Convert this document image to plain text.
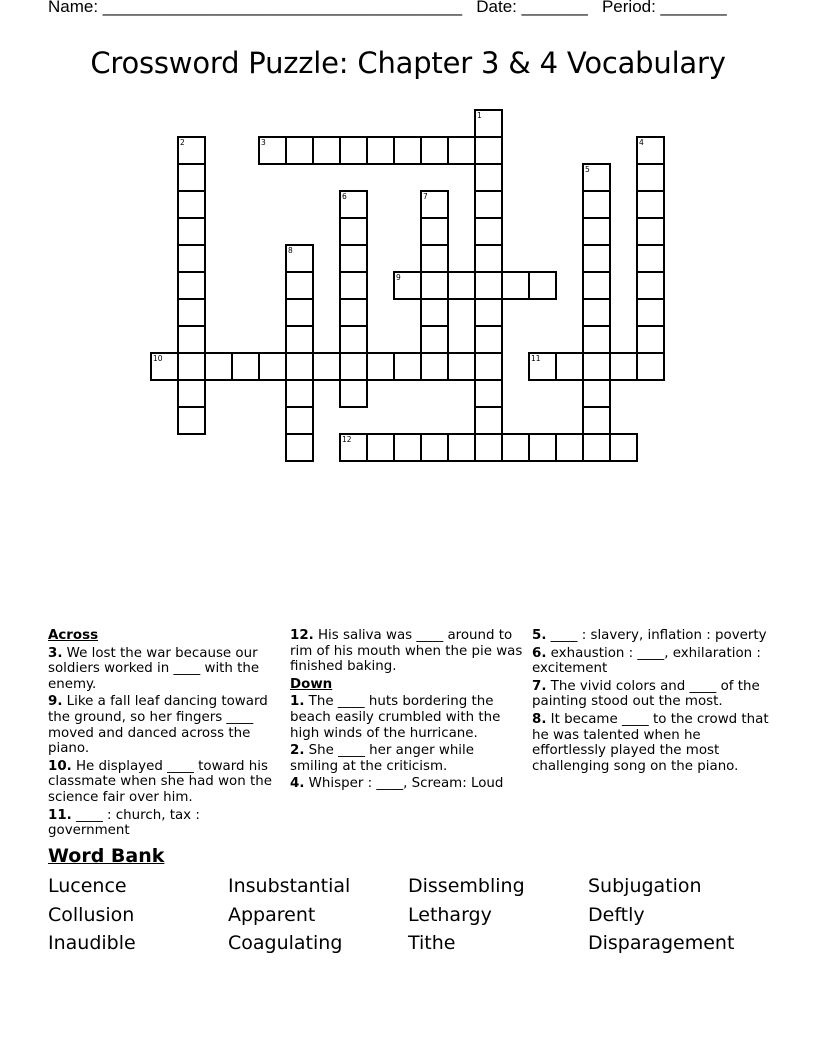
Name: ______________________________________ Date: _______ Period: _______
Crossword Puzzle: Chapter 3 & 4 Vocabulary
1
2	3	4
5
6	7
8
9
10	11
12
Across
3. We lost the war because our soldiers worked in ____ with the enemy.
9. Like a fall leaf dancing toward the ground, so her fingers ____ moved and danced across the piano.
10. He displayed ____ toward his classmate when she had won the science fair over him.
11. ____ : church, tax : government
12. His saliva was ____ around to rim of his mouth when the pie was finished baking.
Down
1. The ____ huts bordering the beach easily crumbled with the high winds of the hurricane.
2. She ____ her anger while smiling at the criticism.
4. Whisper : ____, Scream: Loud
5. ____ : slavery, inflation : poverty
6. exhaustion : ____, exhilaration : excitement
7. The vivid colors and ____ of the painting stood out the most.
8. It became ____ to the crowd that he was talented when he effortlessly played the most challenging song on the piano.
Word Bank
Lucence	Insubstantial	Dissembling	Subjugation
Collusion	Apparent	Lethargy	Deftly
Inaudible	Coagulating	Tithe	Disparagement
